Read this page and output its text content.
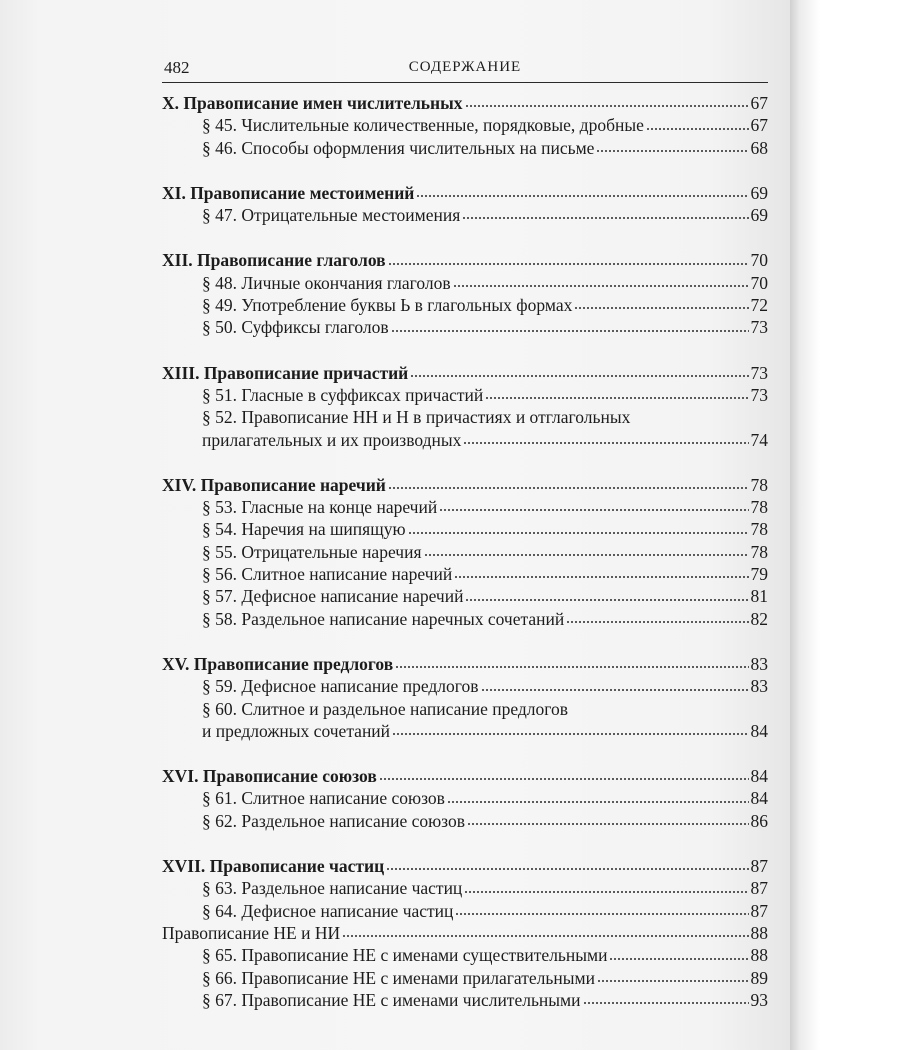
482	СОДЕРЖАНИЕ
X. Правописание имен числительных	67
§ 45. Числительные количественные, порядковые, дробные	67
§ 46. Способы оформления числительных на письме	68
XI. Правописание местоимений	69
§ 47. Отрицательные местоимения	69
XII. Правописание глаголов	70
§ 48. Личные окончания глаголов	70
§ 49. Употребление буквы Ь в глагольных формах	72
§ 50. Суффиксы глаголов	73
XIII. Правописание причастий	73
§ 51. Гласные в суффиксах причастий	73
§ 52. Правописание НН и Н в причастиях и отглагольных
прилагательных и их производных	74
XIV. Правописание наречий	78
§ 53. Гласные на конце наречий	78
§ 54. Наречия на шипящую	78
§ 55. Отрицательные наречия	78
§ 56. Слитное написание наречий	79
§ 57. Дефисное написание наречий	81
§ 58. Раздельное написание наречных сочетаний	82
XV. Правописание предлогов	83
§ 59. Дефисное написание предлогов	83
§ 60. Слитное и раздельное написание предлогов
и предложных сочетаний	84
XVI. Правописание союзов	84
§ 61. Слитное написание союзов	84
§ 62. Раздельное написание союзов	86
XVII. Правописание частиц	87
§ 63. Раздельное написание частиц	87
§ 64. Дефисное написание частиц	87
Правописание НЕ и НИ	88
§ 65. Правописание НЕ с именами существительными	88
§ 66. Правописание НЕ с именами прилагательными	89
§ 67. Правописание НЕ с именами числительными	93
